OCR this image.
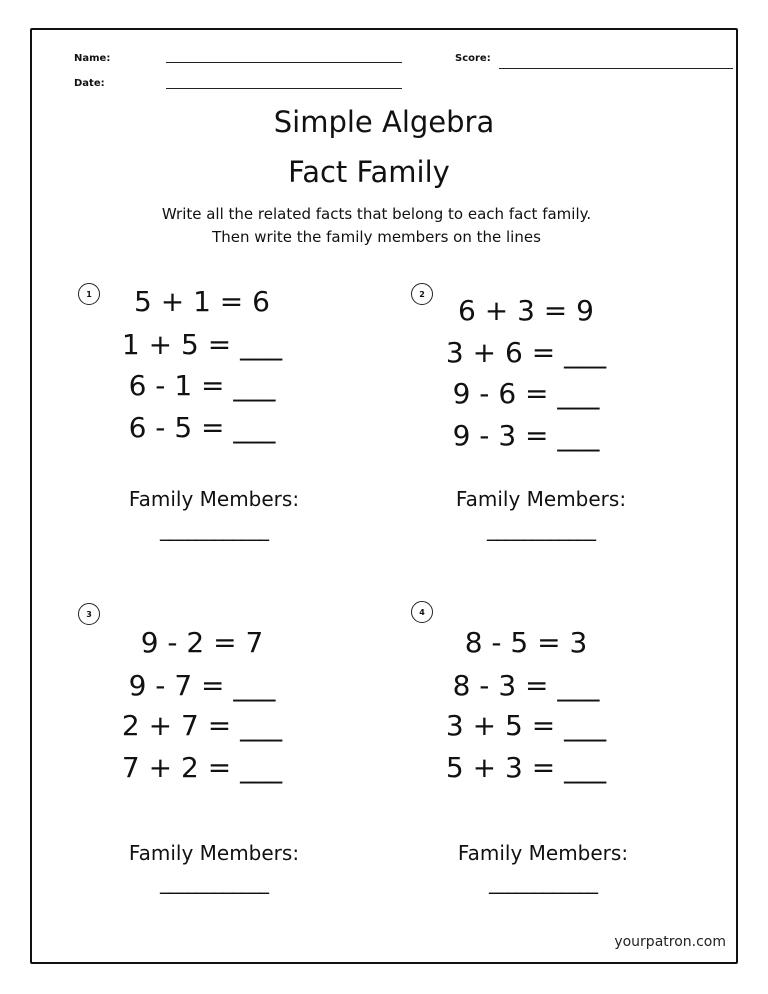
Name:
Date:
Score:
Simple Algebra
Fact Family
Write all the related facts that belong to each fact family.
Then write the family members on the lines
1	5 + 1 = 6
1 + 5 = ___
6 - 1 = ___
6 - 5 = ___
Family Members:
____________
2	6 + 3 = 9
3 + 6 = ___
9 - 6 = ___
9 - 3 = ___
Family Members:
____________
3
9 - 2 = 7
9 - 7 = ___
2 + 7 = ___
7 + 2 = ___
Family Members:
____________
4
8 - 5 = 3
8 - 3 = ___
3 + 5 = ___
5 + 3 = ___
Family Members:
____________
yourpatron.com
